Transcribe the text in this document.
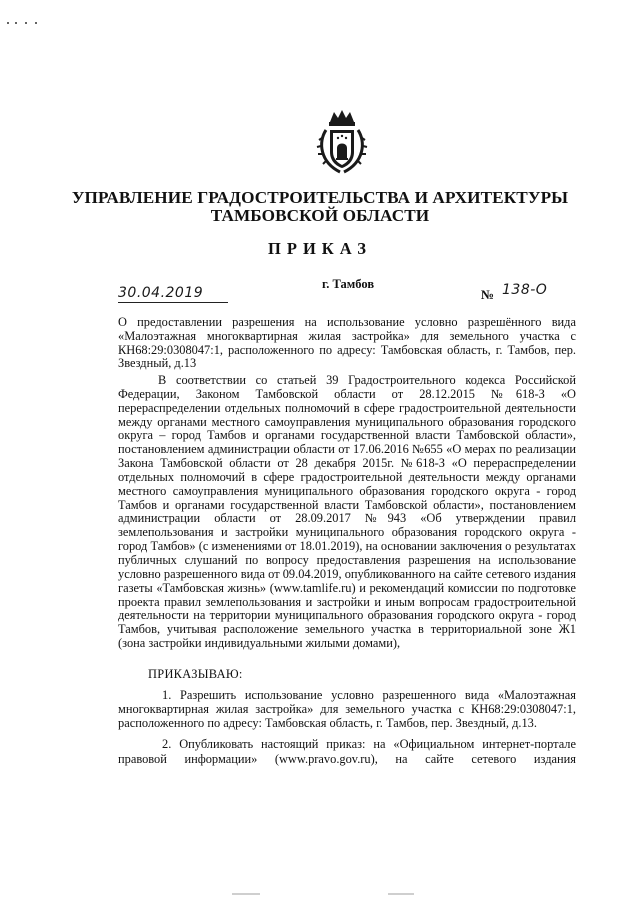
УПРАВЛЕНИЕ ГРАДОСТРОИТЕЛЬСТВА И АРХИТЕКТУРЫ
ТАМБОВСКОЙ ОБЛАСТИ
ПРИКАЗ
г. Тамбов
30.04.2019	№ 138-О
О предоставлении разрешения на использование условно разрешённого вида «Малоэтажная многоквартирная жилая застройка» для земельного участка с КН68:29:0308047:1, расположенного по адресу: Тамбовская область, г. Тамбов, пер. Звездный, д.13

В соответствии со статьей 39 Градостроительного кодекса Российской Федерации, Законом Тамбовской области от 28.12.2015 №618-З «О перераспределении отдельных полномочий в сфере градостроительной деятельности между органами местного самоуправления муниципального образования городского округа – город Тамбов и органами государственной власти Тамбовской области», постановлением администрации области от 17.06.2016 №655 «О мерах по реализации Закона Тамбовской области от 28 декабря 2015г. №618-З «О перераспределении отдельных полномочий в сфере градостроительной деятельности между органами местного самоуправления муниципального образования городского округа - город Тамбов и органами государственной власти Тамбовской области», постановлением администрации области от 28.09.2017 №943 «Об утверждении правил землепользования и застройки муниципального образования городского округа - город Тамбов» (с изменениями от 18.01.2019), на основании заключения о результатах публичных слушаний по вопросу предоставления разрешения на использование условно разрешенного вида от 09.04.2019, опубликованного на сайте сетевого издания газеты «Тамбовская жизнь» (www.tamlife.ru) и рекомендаций комиссии по подготовке проекта правил землепользования и застройки и иным вопросам градостроительной деятельности на территории муниципального образования городского округа - город Тамбов, учитывая расположение земельного участка в территориальной зоне Ж1 (зона застройки индивидуальными жилыми домами),

ПРИКАЗЫВАЮ:

1. Разрешить использование условно разрешенного вида «Малоэтажная многоквартирная жилая застройка» для земельного участка с КН68:29:0308047:1, расположенного по адресу: Тамбовская область, г. Тамбов, пер. Звездный, д.13.

2. Опубликовать настоящий приказ: на «Официальном интернет-портале правовой информации» (www.pravo.gov.ru), на сайте сетевого издания
